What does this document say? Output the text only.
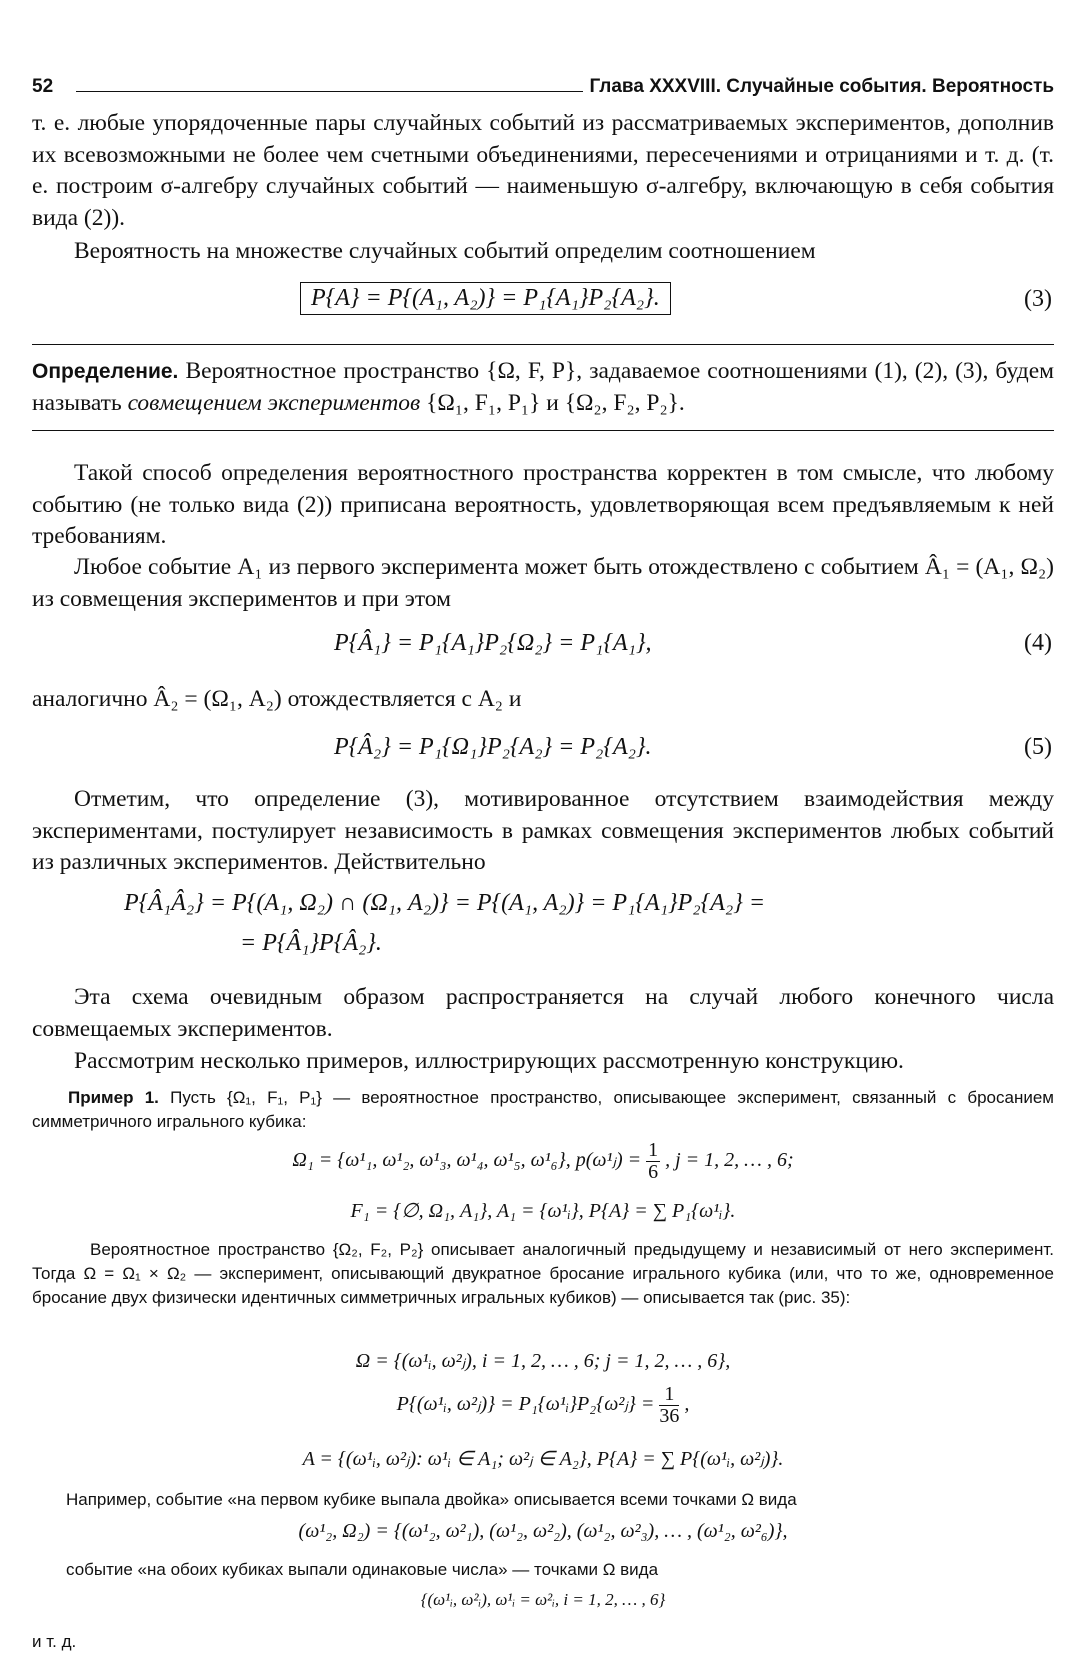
52	Глава XXXVIII. Случайные события. Вероятность

т. е. любые упорядоченные пары случайных событий из рассматриваемых экспериментов, дополнив их всевозможными не более чем счетными объединениями, пересечениями и отрицаниями и т. д. (т. е. построим σ-алгебру случайных событий — наименьшую σ-алгебру, включающую в себя события вида (2)).

Вероятность на множестве случайных событий определим соотношением

P{A} = P{(A₁, A₂)} = P₁{A₁}P₂{A₂}.	(3)

Определение. Вероятностное пространство {Ω, F, P}, задаваемое соотношениями (1), (2), (3), будем называть совмещением экспериментов {Ω₁, F₁, P₁} и {Ω₂, F₂, P₂}.

Такой способ определения вероятностного пространства корректен в том смысле, что любому событию (не только вида (2)) приписана вероятность, удовлетворяющая всем предъявляемым к ней требованиям.

Любое событие A₁ из первого эксперимента может быть отождествлено с событием Â₁ = (A₁, Ω₂) из совмещения экспериментов и при этом

P{Â₁} = P₁{A₁}P₂{Ω₂} = P₁{A₁},	(4)

аналогично Â₂ = (Ω₁, A₂) отождествляется с A₂ и

P{Â₂} = P₁{Ω₁}P₂{A₂} = P₂{A₂}.	(5)

Отметим, что определение (3), мотивированное отсутствием взаимодействия между экспериментами, постулирует независимость в рамках совмещения экспериментов любых событий из различных экспериментов. Действительно

P{Â₁Â₂} = P{(A₁, Ω₂) ∩ (Ω₁, A₂)} = P{(A₁, A₂)} = P₁{A₁}P₂{A₂} =
= P{Â₁}P{Â₂}.

Эта схема очевидным образом распространяется на случай любого конечного числа совмещаемых экспериментов.

Рассмотрим несколько примеров, иллюстрирующих рассмотренную конструкцию.

Пример 1. Пусть {Ω₁, F₁, P₁} — вероятностное пространство, описывающее эксперимент, связанный с бросанием симметричного игрального кубика:

Ω₁ = {ω¹₁, ω¹₂, ω¹₃, ω¹₄, ω¹₅, ω¹₆}, p(ω¹ⱼ) = $\frac{1}{6}$ , j = 1, 2, … , 6;
F₁ = {∅, Ω₁, A₁}, A₁ = {ω¹ᵢ}, P{A} = ∑ P₁{ω¹ᵢ}.

Вероятностное пространство {Ω₂, F₂, P₂} описывает аналогичный предыдущему и независимый от него эксперимент. Тогда Ω = Ω₁ × Ω₂ — эксперимент, описывающий двукратное бросание игрального кубика (или, что то же, одновременное бросание двух физически идентичных симметричных игральных кубиков) — описывается так (рис. 35):

Ω = {(ω¹ᵢ, ω²ⱼ), i = 1, 2, … , 6; j = 1, 2, … , 6},
P{(ω¹ᵢ, ω²ⱼ)} = P₁{ω¹ᵢ}P₂{ω²ⱼ} = $\frac{1}{36}$ ,
A = {(ω¹ᵢ, ω²ⱼ): ω¹ᵢ ∈ A₁; ω²ⱼ ∈ A₂}, P{A} = ∑ P{(ω¹ᵢ, ω²ⱼ)}.

Например, событие «на первом кубике выпала двойка» описывается всеми точками Ω вида

(ω¹₂, Ω₂) = {(ω¹₂, ω²₁), (ω¹₂, ω²₂), (ω¹₂, ω²₃), … , (ω¹₂, ω²₆)},

событие «на обоих кубиках выпали одинаковые числа» — точками Ω вида

{(ω¹ᵢ, ω²ᵢ), ω¹ᵢ = ω²ᵢ, i = 1, 2, … , 6}

и т. д.
